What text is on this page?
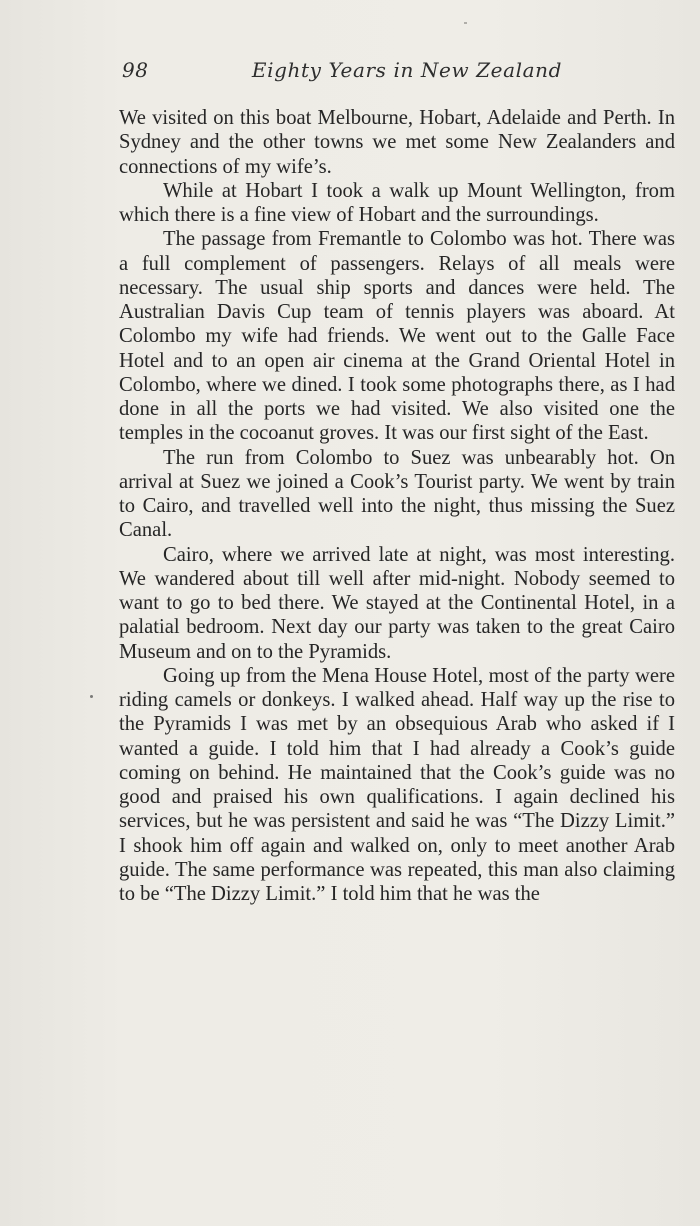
98	Eighty Years in New Zealand

We visited on this boat Melbourne, Hobart, Adelaide and Perth. In Sydney and the other towns we met some New Zealanders and connections of my wife’s.

While at Hobart I took a walk up Mount Wellington, from which there is a fine view of Hobart and the surroundings.

The passage from Fremantle to Colombo was hot. There was a full complement of passengers. Relays of all meals were necessary. The usual ship sports and dances were held. The Australian Davis Cup team of tennis players was aboard. At Colombo my wife had friends. We went out to the Galle Face Hotel and to an open air cinema at the Grand Oriental Hotel in Colombo, where we dined. I took some photographs there, as I had done in all the ports we had visited. We also visited one the temples in the cocoanut groves. It was our first sight of the East.

The run from Colombo to Suez was unbearably hot. On arrival at Suez we joined a Cook’s Tourist party. We went by train to Cairo, and travelled well into the night, thus missing the Suez Canal.

Cairo, where we arrived late at night, was most interesting. We wandered about till well after mid-night. Nobody seemed to want to go to bed there. We stayed at the Continental Hotel, in a palatial bedroom. Next day our party was taken to the great Cairo Museum and on to the Pyramids.

Going up from the Mena House Hotel, most of the party were riding camels or donkeys. I walked ahead. Half way up the rise to the Pyramids I was met by an obsequious Arab who asked if I wanted a guide. I told him that I had already a Cook’s guide coming on behind. He maintained that the Cook’s guide was no good and praised his own qualifications. I again declined his services, but he was persistent and said he was “The Dizzy Limit.” I shook him off again and walked on, only to meet another Arab guide. The same performance was repeated, this man also claiming to be “The Dizzy Limit.” I told him that he was the
